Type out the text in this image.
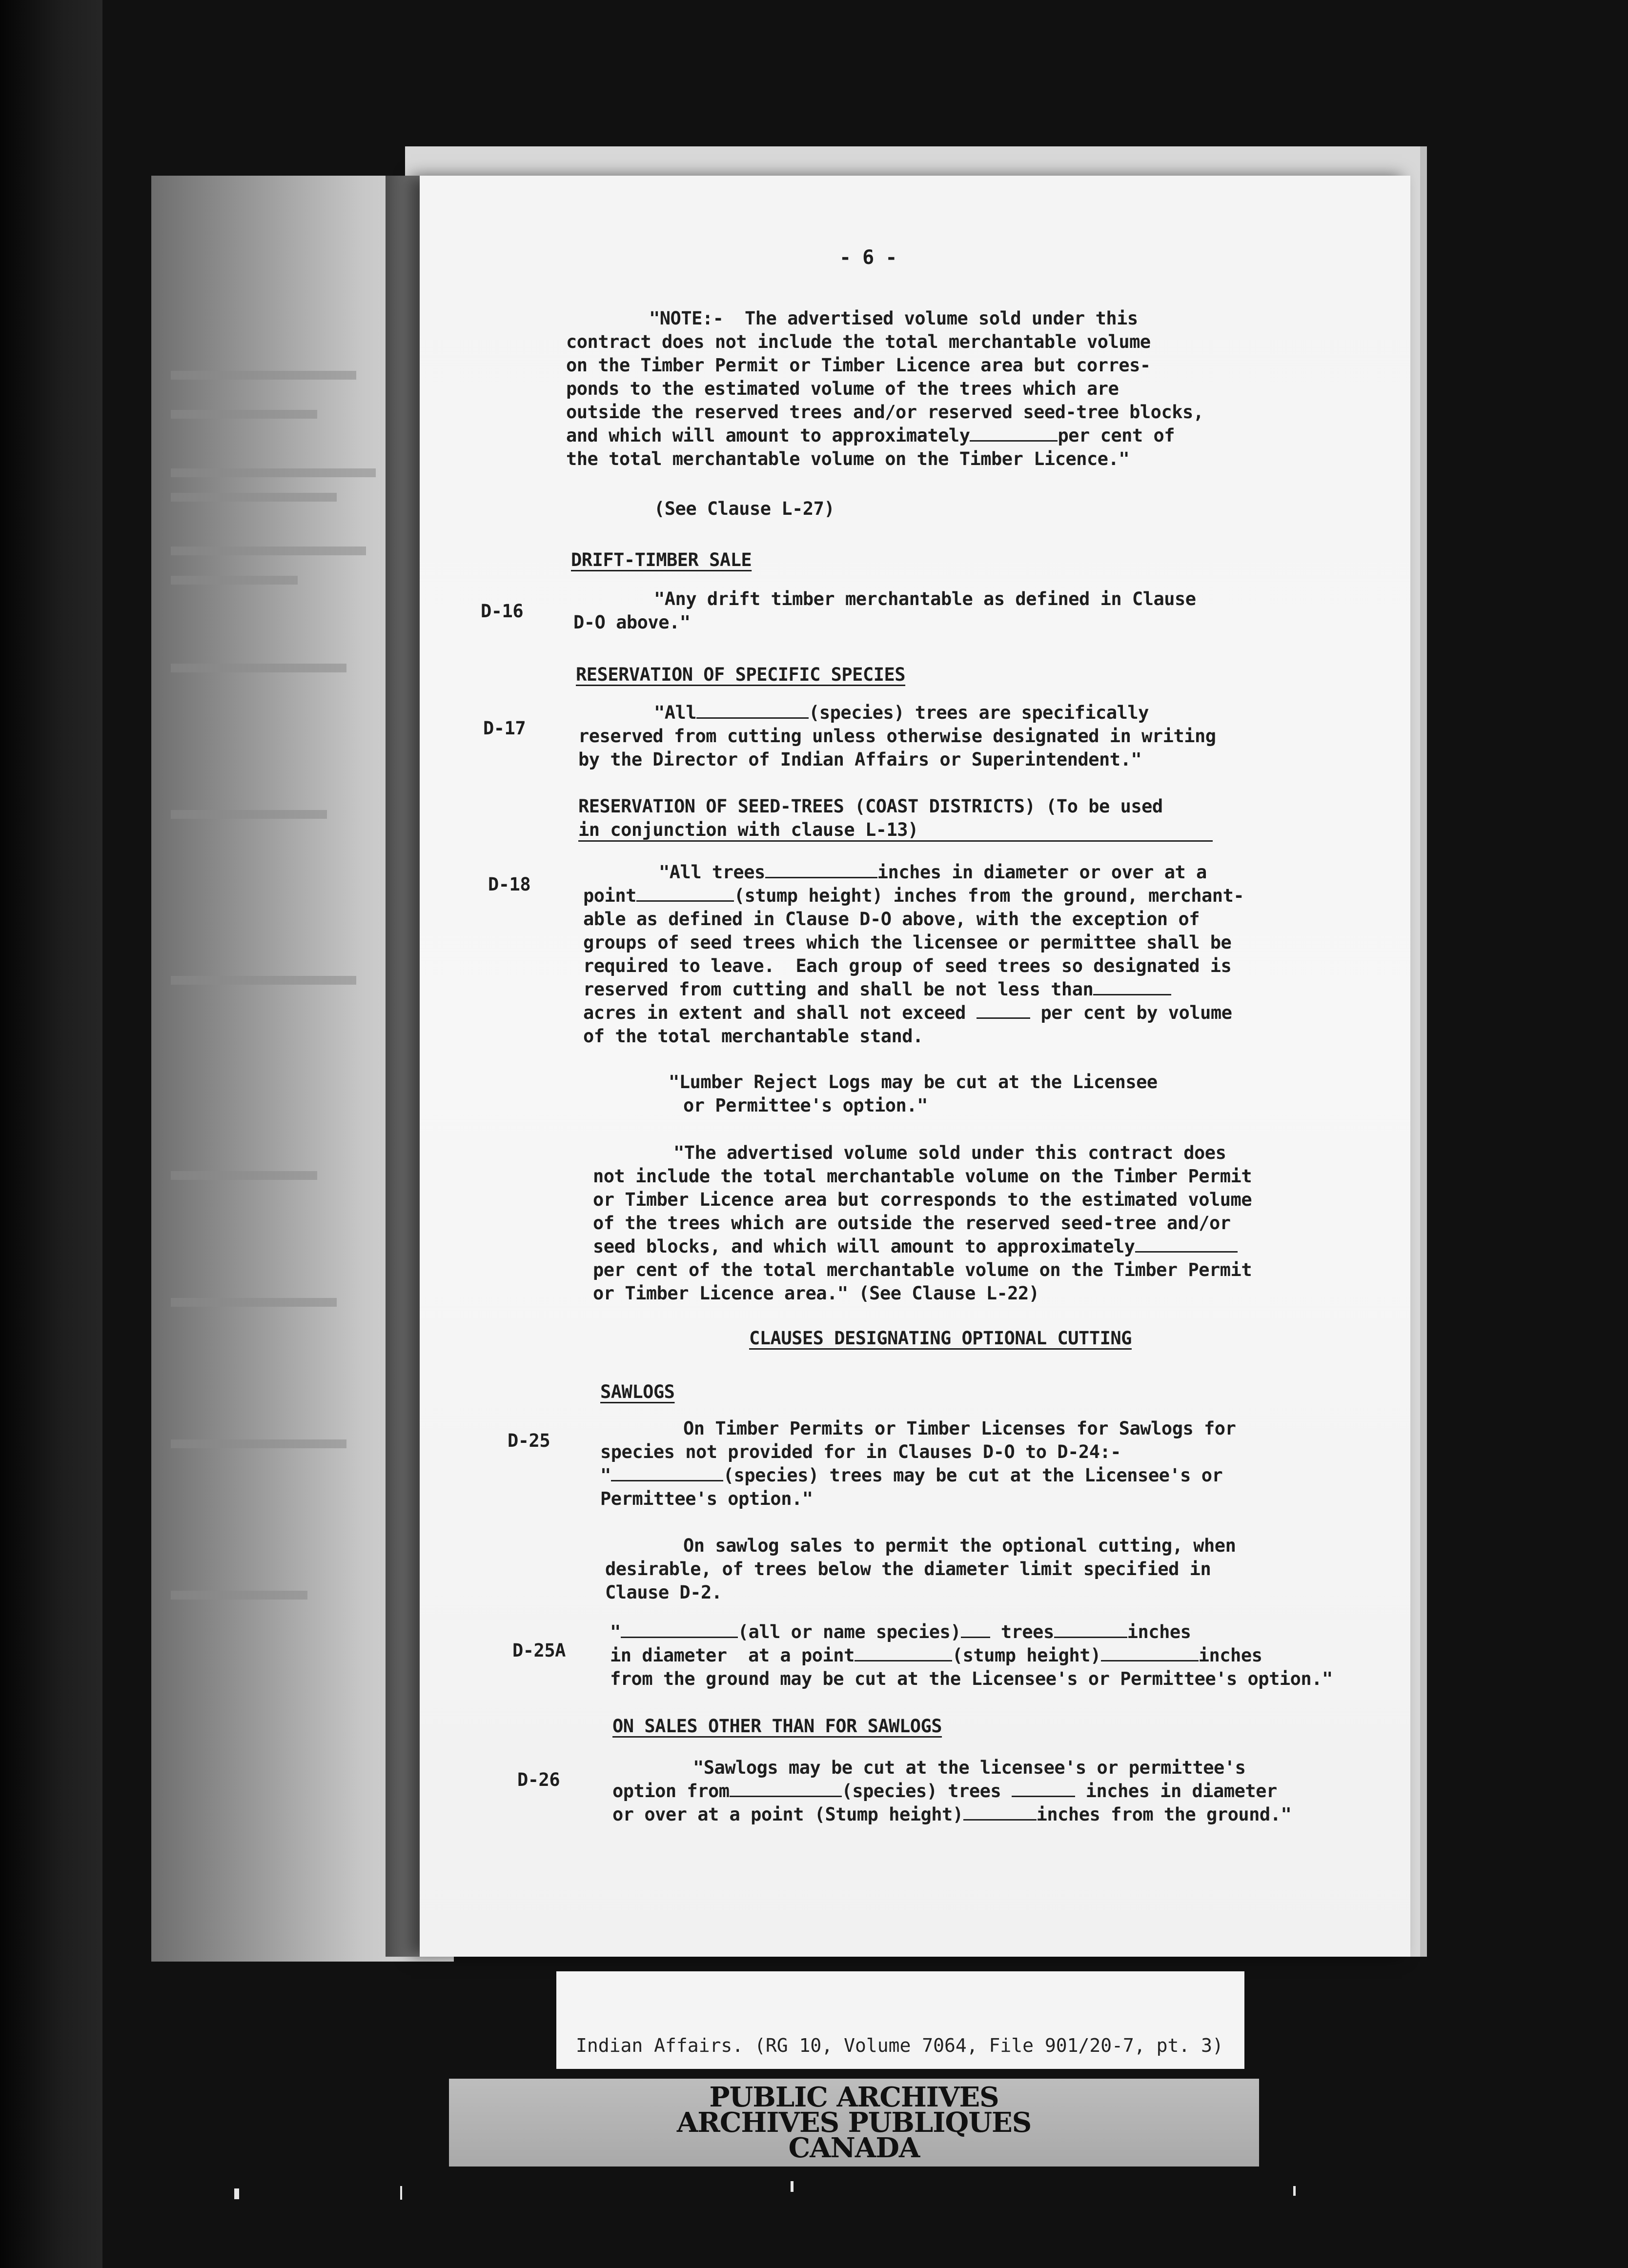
- 6 -
"NOTE:-  The advertised volume sold under this
contract does not include the total merchantable volume
on the Timber Permit or Timber Licence area but corres-
ponds to the estimated volume of the trees which are
outside the reserved trees and/or reserved seed-tree blocks,
and which will amount to approximately	per cent of
the total merchantable volume on the Timber Licence."
(See Clause L-27)
DRIFT-TIMBER SALE
D-16
"Any drift timber merchantable as defined in Clause
D-O above."
RESERVATION OF SPECIFIC SPECIES
D-17
"All	(species) trees are specifically
reserved from cutting unless otherwise designated in writing
by the Director of Indian Affairs or Superintendent."
RESERVATION OF SEED-TREES (COAST DISTRICTS) (To be used
in conjunction with clause L-13)
D-18
"All trees	inches in diameter or over at a
point	(stump height) inches from the ground, merchant-
able as defined in Clause D-O above, with the exception of
groups of seed trees which the licensee or permittee shall be
required to leave.  Each group of seed trees so designated is
reserved from cutting and shall be not less than
acres in extent and shall not exceed	per cent by volume
of the total merchantable stand.
"Lumber Reject Logs may be cut at the Licensee
or Permittee's option."
"The advertised volume sold under this contract does
not include the total merchantable volume on the Timber Permit
or Timber Licence area but corresponds to the estimated volume
of the trees which are outside the reserved seed-tree and/or
seed blocks, and which will amount to approximately
per cent of the total merchantable volume on the Timber Permit
or Timber Licence area." (See Clause L-22)
CLAUSES DESIGNATING OPTIONAL CUTTING
SAWLOGS
D-25
On Timber Permits or Timber Licenses for Sawlogs for
species not provided for in Clauses D-O to D-24:-
"	(species) trees may be cut at the Licensee's or
Permittee's option."
On sawlog sales to permit the optional cutting, when
desirable, of trees below the diameter limit specified in
Clause D-2.
D-25A
"	(all or name species) trees	inches
in diameter  at a point	(stump height)	inches
from the ground may be cut at the Licensee's or Permittee's option."
ON SALES OTHER THAN FOR SAWLOGS
D-26
"Sawlogs may be cut at the licensee's or permittee's
option from	(species) trees	inches in diameter
or over at a point (Stump height)	inches from the ground."
Indian Affairs. (RG 10, Volume 7064, File 901/20-7, pt. 3)
PUBLIC ARCHIVES
ARCHIVES PUBLIQUES
CANADA
